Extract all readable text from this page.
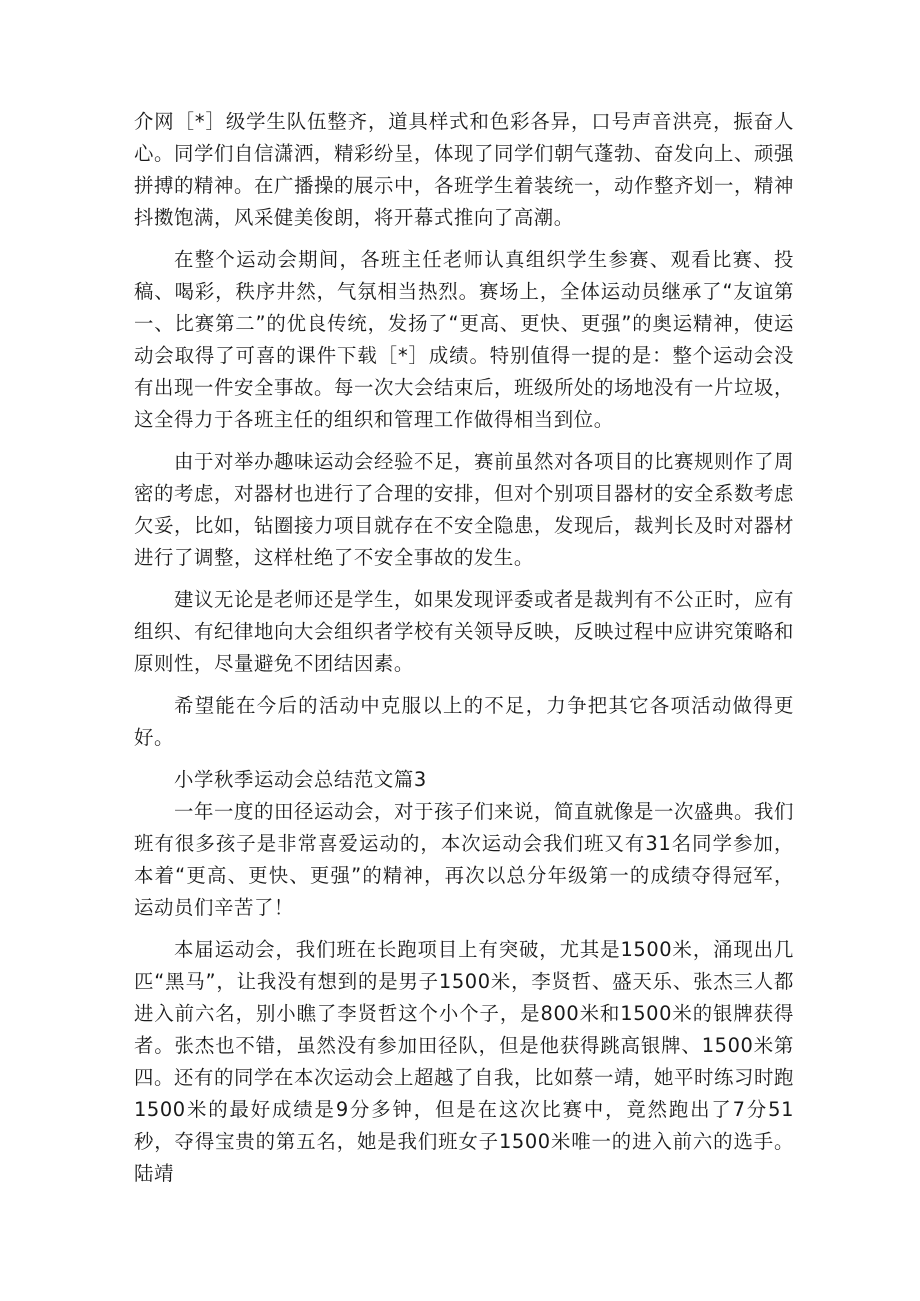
介网［*］级学生队伍整齐，道具样式和色彩各异，口号声音洪亮，振奋人心。同学们自信潇洒，精彩纷呈，体现了同学们朝气蓬勃、奋发向上、顽强拼搏的精神。在广播操的展示中，各班学生着装统一，动作整齐划一，精神抖擞饱满，风采健美俊朗，将开幕式推向了高潮。

在整个运动会期间，各班主任老师认真组织学生参赛、观看比赛、投稿、喝彩，秩序井然，气氛相当热烈。赛场上，全体运动员继承了“友谊第一、比赛第二”的优良传统，发扬了“更高、更快、更强”的奥运精神，使运动会取得了可喜的课件下载［*］成绩。特别值得一提的是：整个运动会没有出现一件安全事故。每一次大会结束后，班级所处的场地没有一片垃圾，这全得力于各班主任的组织和管理工作做得相当到位。

由于对举办趣味运动会经验不足，赛前虽然对各项目的比赛规则作了周密的考虑，对器材也进行了合理的安排，但对个别项目器材的安全系数考虑欠妥，比如，钻圈接力项目就存在不安全隐患，发现后，裁判长及时对器材进行了调整，这样杜绝了不安全事故的发生。

建议无论是老师还是学生，如果发现评委或者是裁判有不公正时，应有组织、有纪律地向大会组织者学校有关领导反映，反映过程中应讲究策略和原则性，尽量避免不团结因素。

希望能在今后的活动中克服以上的不足，力争把其它各项活动做得更好。

小学秋季运动会总结范文篇3

一年一度的田径运动会，对于孩子们来说，简直就像是一次盛典。我们班有很多孩子是非常喜爱运动的，本次运动会我们班又有31名同学参加，本着“更高、更快、更强”的精神，再次以总分年级第一的成绩夺得冠军，运动员们辛苦了！

本届运动会，我们班在长跑项目上有突破，尤其是1500米，涌现出几匹“黑马”，让我没有想到的是男子1500米，李贤哲、盛天乐、张杰三人都进入前六名，别小瞧了李贤哲这个小个子，是800米和1500米的银牌获得者。张杰也不错，虽然没有参加田径队，但是他获得跳高银牌、1500米第四。还有的同学在本次运动会上超越了自我，比如蔡一靖，她平时练习时跑1500米的最好成绩是9分多钟，但是在这次比赛中，竟然跑出了7分51秒，夺得宝贵的第五名，她是我们班女子1500米唯一的进入前六的选手。陆靖
